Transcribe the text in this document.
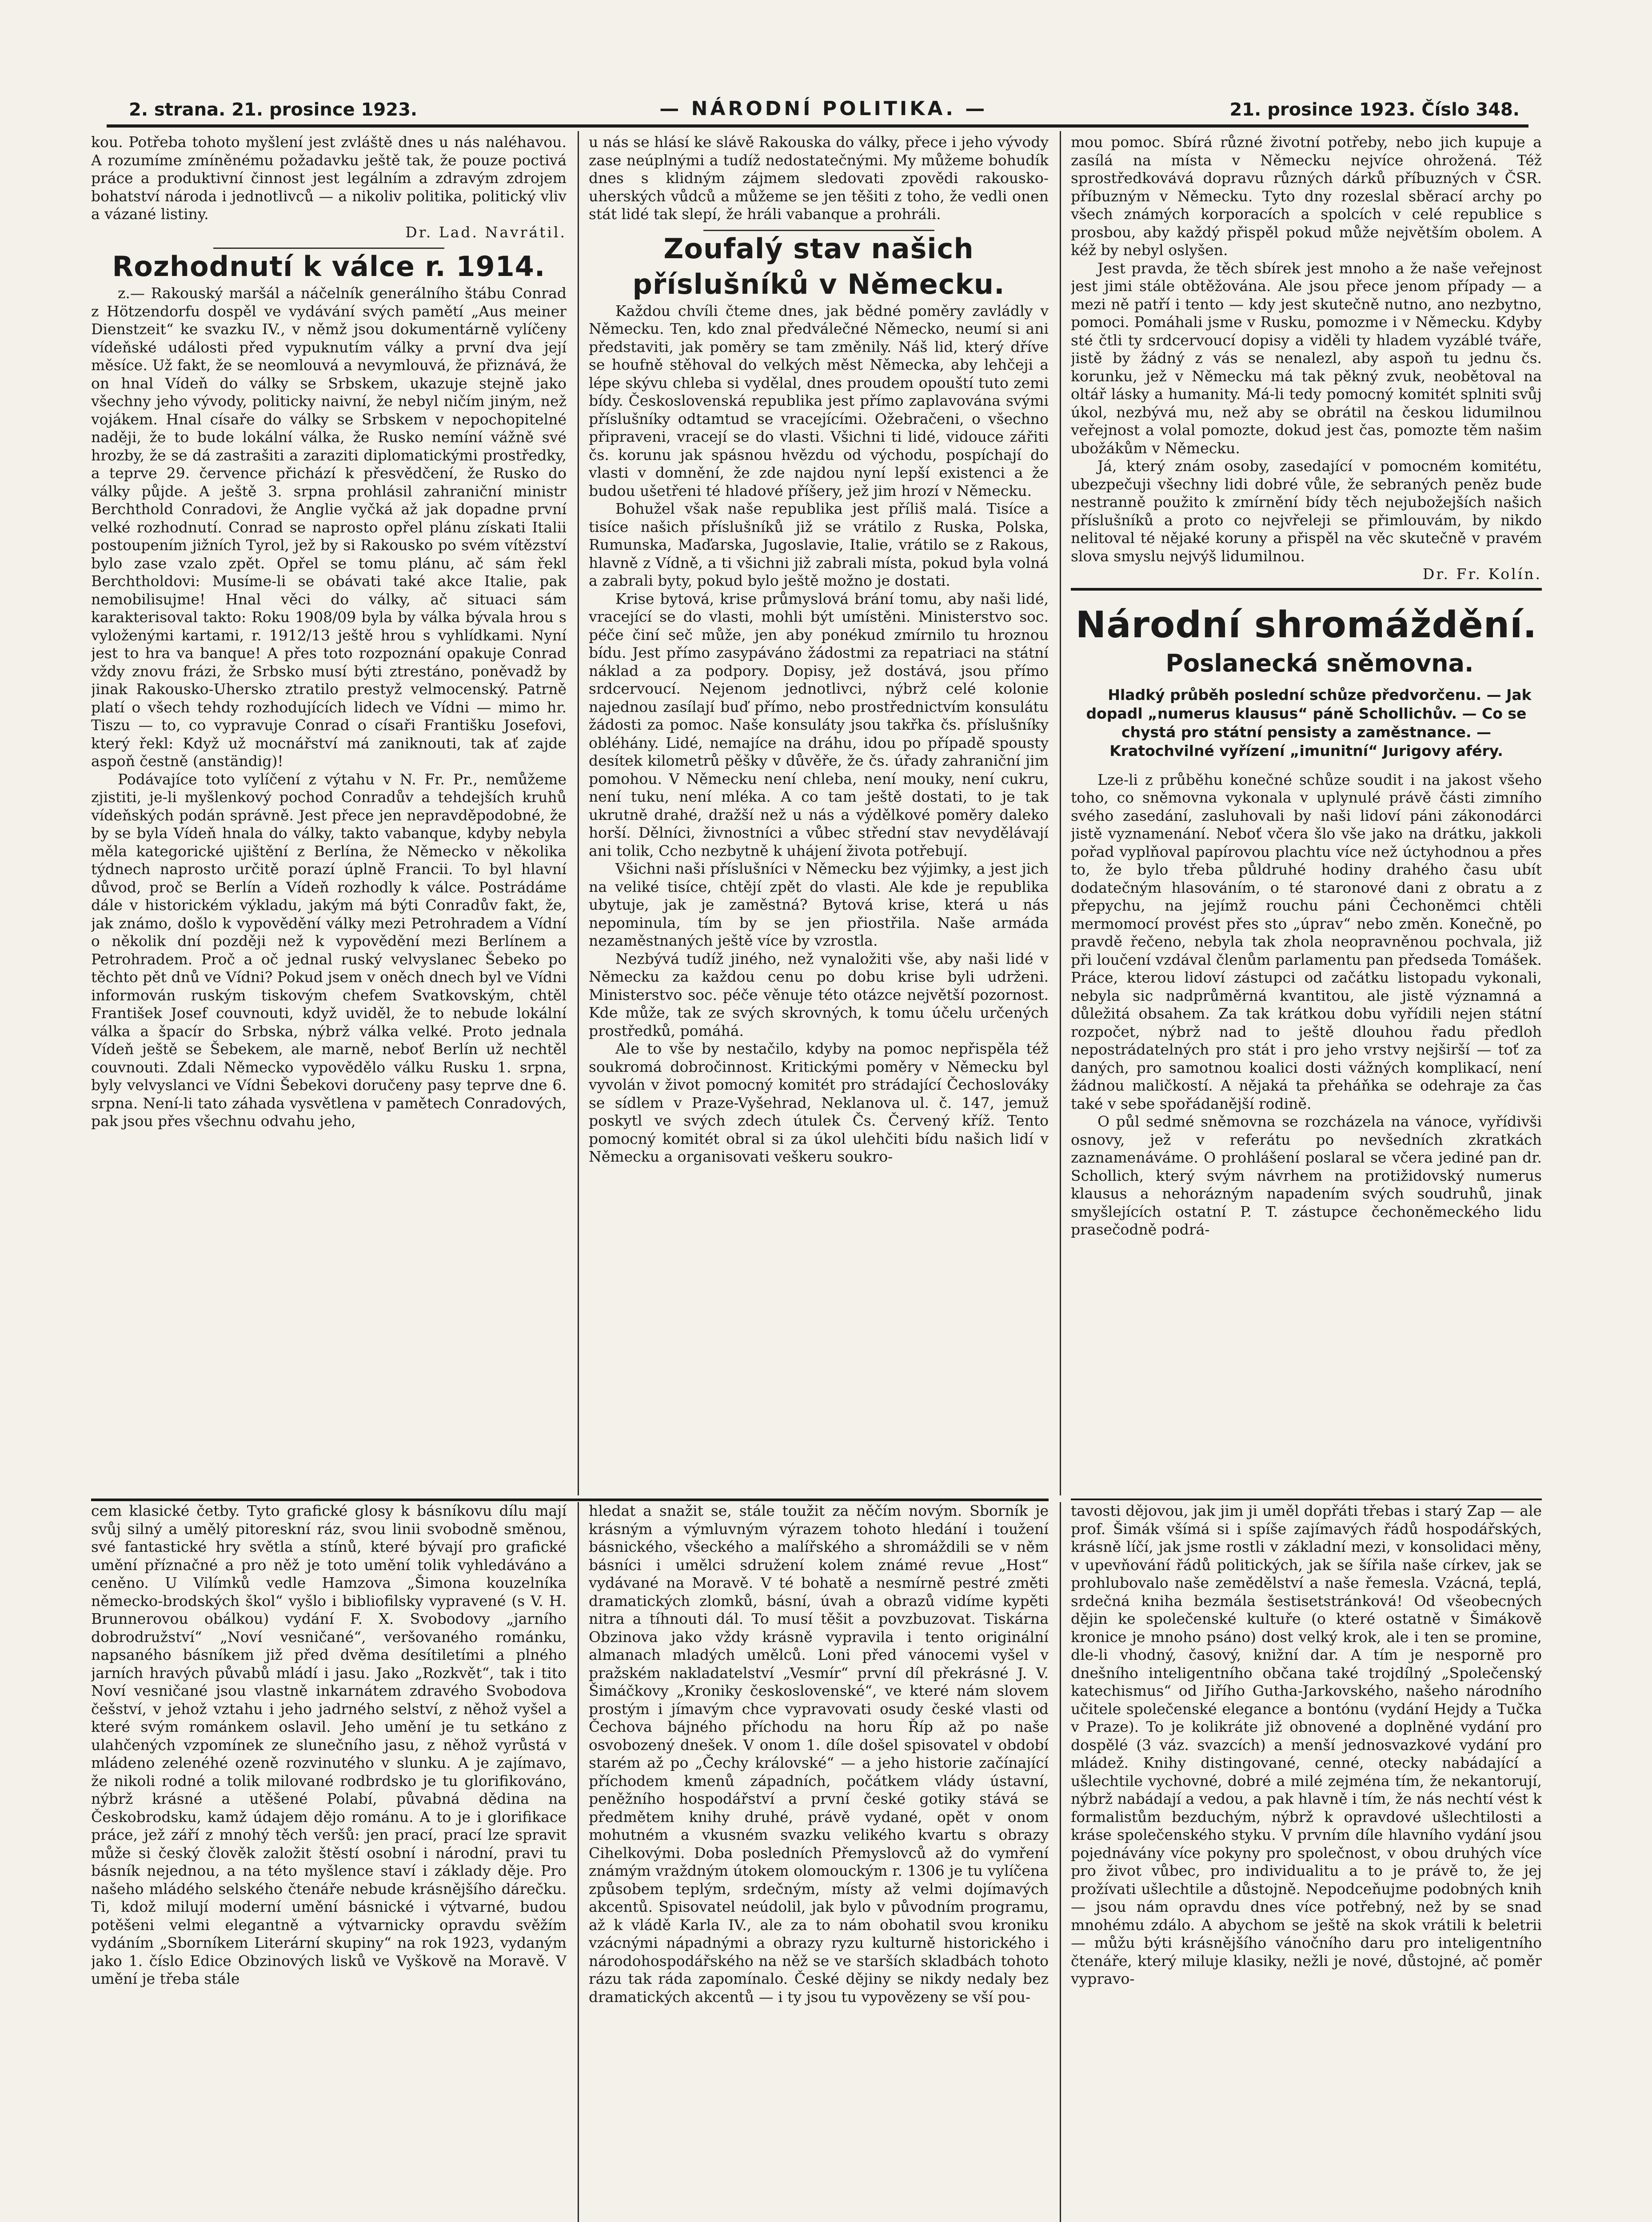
2. strana. 21. prosince 1923.	— NÁRODNÍ POLITIKA. —	21. prosince 1923. Číslo 348.

kou. Potřeba tohoto myšlení jest zvláště dnes u nás naléhavou. A rozumíme zmíněnému požadavku ještě tak, že pouze poctivá práce a produktivní činnost jest legálním a zdravým zdrojem bohatství národa i jednotlivců — a nikoliv politika, politický vliv a vázané listiny.

Dr. Lad. Navrátil.

Rozhodnutí k válce r. 1914.

z.— Rakouský maršál a náčelník generálního štábu Conrad z Hötzendorfu dospěl ve vydávání svých pamětí „Aus meiner Dienstzeit“ ke svazku IV., v němž jsou dokumentárně vylíčeny vídeňské události před vypuknutím války a první dva její měsíce. Už fakt, že se neomlouvá a nevymlouvá, že přiznává, že on hnal Vídeň do války se Srbskem, ukazuje stejně jako všechny jeho vývody, politicky naivní, že nebyl ničím jiným, než vojákem. Hnal císaře do války se Srbskem v nepochopitelné naději, že to bude lokální válka, že Rusko nemíní vážně své hrozby, že se dá zastrašiti a zaraziti diplomatickými prostředky, a teprve 29. července přichází k přesvědčení, že Rusko do války půjde. A ještě 3. srpna prohlásil zahraniční ministr Berchthold Conradovi, že Anglie vyčká až jak dopadne první velké rozhodnutí. Conrad se naprosto opřel plánu získati Italii postoupením jižních Tyrol, jež by si Rakousko po svém vítězství bylo zase vzalo zpět. Opřel se tomu plánu, ač sám řekl Berchtholdovi: Musíme-li se obávati také akce Italie, pak nemobilisujme! Hnal věci do války, ač situaci sám karakterisoval takto: Roku 1908/09 byla by válka bývala hrou s vyloženými kartami, r. 1912/13 ještě hrou s vyhlídkami. Nyní jest to hra va banque! A přes toto rozpoznání opakuje Conrad vždy znovu frázi, že Srbsko musí býti ztrestáno, poněvadž by jinak Rakousko-Uhersko ztratilo prestyž velmocenský. Patrně platí o všech tehdy rozhodujících lidech ve Vídni — mimo hr. Tiszu — to, co vypravuje Conrad o císaři Františku Josefovi, který řekl: Když už mocnářství má zaniknouti, tak ať zajde aspoň čestně (anständig)!

Podávajíce toto vylíčení z výtahu v N. Fr. Pr., nemůžeme zjistiti, je-li myšlenkový pochod Conradův a tehdejších kruhů vídeňských podán správně. Jest přece jen nepravděpodobné, že by se byla Vídeň hnala do války, takto vabanque, kdyby nebyla měla kategorické ujištění z Berlína, že Německo v několika týdnech naprosto určitě porazí úplně Francii. To byl hlavní důvod, proč se Berlín a Vídeň rozhodly k válce. Postrádáme dále v historickém výkladu, jakým má býti Conradův fakt, že, jak známo, došlo k vypovědění války mezi Petrohradem a Vídní o několik dní později než k vypovědění mezi Berlínem a Petrohradem. Proč a oč jednal ruský velvyslanec Šebeko po těchto pět dnů ve Vídni? Pokud jsem v oněch dnech byl ve Vídni informován ruským tiskovým chefem Svatkovským, chtěl František Josef couvnouti, když uviděl, že to nebude lokální válka a špacír do Srbska, nýbrž válka velké. Proto jednala Vídeň ještě se Šebekem, ale marně, neboť Berlín už nechtěl couvnouti. Zdali Německo vypovědělo válku Rusku 1. srpna, byly velvyslanci ve Vídni Šebekovi doručeny pasy teprve dne 6. srpna. Není-li tato záhada vysvětlena v pamětech Conradových, pak jsou přes všechnu odvahu jeho,

u nás se hlásí ke slávě Rakouska do války, přece i jeho vývody zase neúplnými a tudíž nedostatečnými. My můžeme bohudík dnes s klidným zájmem sledovati zpovědi rakousko-uherských vůdců a můžeme se jen těšiti z toho, že vedli onen stát lidé tak slepí, že hráli vabanque a prohráli.

Zoufalý stav našich příslušníků v Německu.

Každou chvíli čteme dnes, jak bědné poměry zavládly v Německu. Ten, kdo znal předválečné Německo, neumí si ani představiti, jak poměry se tam změnily. Náš lid, který dříve se houfně stěhoval do velkých měst Německa, aby lehčeji a lépe skývu chleba si vydělal, dnes proudem opouští tuto zemi bídy. Československá republika jest přímo zaplavována svými příslušníky odtamtud se vracejícími. Ožebračeni, o všechno připraveni, vracejí se do vlasti. Všichni ti lidé, vidouce zářiti čs. korunu jak spásnou hvězdu od východu, pospíchají do vlasti v domnění, že zde najdou nyní lepší existenci a že budou ušetřeni té hladové příšery, jež jim hrozí v Německu.

Bohužel však naše republika jest příliš malá. Tisíce a tisíce našich příslušníků již se vrátilo z Ruska, Polska, Rumunska, Maďarska, Jugoslavie, Italie, vrátilo se z Rakous, hlavně z Vídně, a ti všichni již zabrali místa, pokud byla volná a zabrali byty, pokud bylo ještě možno je dostati.

Krise bytová, krise průmyslová brání tomu, aby naši lidé, vracející se do vlasti, mohli být umístěni. Ministerstvo soc. péče činí seč může, jen aby ponékud zmírnilo tu hroznou bídu. Jest přímo zasypáváno žádostmi za repatriaci na státní náklad a za podpory. Dopisy, jež dostává, jsou přímo srdcervoucí. Nejenom jednotlivci, nýbrž celé kolonie najednou zasílají buď přímo, nebo prostřednictvím konsulátu žádosti za pomoc. Naše konsuláty jsou takřka čs. příslušníky obléhány. Lidé, nemajíce na dráhu, idou po případě spousty desítek kilometrů pěšky v důvěře, že čs. úřady zahraniční jim pomohou. V Německu není chleba, není mouky, není cukru, není tuku, není mléka. A co tam ještě dostati, to je tak ukrutně drahé, dražší než u nás a výdělkové poměry daleko horší. Dělníci, živnostníci a vůbec střední stav nevydělávají ani tolik, Ccho nezbytně k uhájení života potřebují.

Všichni naši příslušníci v Německu bez výjimky, a jest jich na veliké tisíce, chtějí zpět do vlasti. Ale kde je republika ubytuje, jak je zaměstná? Bytová krise, která u nás nepominula, tím by se jen přiostřila. Naše armáda nezaměstnaných ještě více by vzrostla.

Nezbývá tudíž jiného, než vynaložiti vše, aby naši lidé v Německu za každou cenu po dobu krise byli udrženi. Ministerstvo soc. péče věnuje této otázce největší pozornost. Kde může, tak ze svých skrovných, k tomu účelu určených prostředků, pomáhá.

Ale to vše by nestačilo, kdyby na pomoc nepřispěla též soukromá dobročinnost. Kritickými poměry v Německu byl vyvolán v život pomocný komitét pro strádající Čechoslováky se sídlem v Praze-Vyšehrad, Neklanova ul. č. 147, jemuž poskytl ve svých zdech útulek Čs. Červený kříž. Tento pomocný komitét obral si za úkol ulehčiti bídu našich lidí v Německu a organisovati veškeru soukro-

mou pomoc. Sbírá různé životní potřeby, nebo jich kupuje a zasílá na místa v Německu nejvíce ohrožená. Též sprostředkovává dopravu různých dárků příbuzných v ČSR. příbuzným v Německu. Tyto dny rozeslal sběrací archy po všech známých korporacích a spolcích v celé republice s prosbou, aby každý přispěl pokud může největším obolem. A kéž by nebyl oslyšen.

Jest pravda, že těch sbírek jest mnoho a že naše veřejnost jest jimi stále obtěžována. Ale jsou přece jenom případy — a mezi ně patří i tento — kdy jest skutečně nutno, ano nezbytno, pomoci. Pomáhali jsme v Rusku, pomozme i v Německu. Kdyby sté čtli ty srdcervoucí dopisy a viděli ty hladem vyzáblé tváře, jistě by žádný z vás se nenalezl, aby aspoň tu jednu čs. korunku, jež v Německu má tak pěkný zvuk, neobětoval na oltář lásky a humanity. Má-li tedy pomocný komitét splniti svůj úkol, nezbývá mu, než aby se obrátil na českou lidumilnou veřejnost a volal pomozte, dokud jest čas, pomozte těm našim ubožákům v Německu.

Já, který znám osoby, zasedající v pomocném komitétu, ubezpečuji všechny lidi dobré vůle, že sebraných peněz bude nestranně použito k zmírnění bídy těch nejubožejších našich příslušníků a proto co nejvřeleji se přimlouvám, by nikdo nelitoval té nějaké koruny a přispěl na věc skutečně v pravém slova smyslu nejvýš lidumilnou.

Dr. Fr. Kolín.

Národní shromáždění.

Poslanecká sněmovna.

Hladký průběh poslední schůze předvorčenu. — Jak dopadl „numerus klausus“ páně Schollichův. — Co se chystá pro státní pensisty a zaměstnance. — Kratochvilné vyřízení „imunitní“ Jurigovy aféry.

Lze-li z průběhu konečné schůze soudit i na jakost všeho toho, co sněmovna vykonala v uplynulé právě části zimního svého zasedání, zasluhovali by naši lidoví páni zákonodárci jistě vyznamenání. Neboť včera šlo vše jako na drátku, jakkoli pořad vyplňoval papírovou plachtu více než úctyhodnou a přes to, že bylo třeba půldruhé hodiny drahého času ubít dodatečným hlasováním, o té staronové dani z obratu a z přepychu, na jejímž rouchu páni Čechoněmci chtěli mermomocí provést přes sto „úprav“ nebo změn. Konečně, po pravdě řečeno, nebyla tak zhola neopravněnou pochvala, již při loučení vzdával členům parlamentu pan předseda Tomášek. Práce, kterou lidoví zástupci od začátku listopadu vykonali, nebyla sic nadprůměrná kvantitou, ale jistě významná a důležitá obsahem. Za tak krátkou dobu vyřídili nejen státní rozpočet, nýbrž nad to ještě dlouhou řadu předloh nepostrádatelných pro stát i pro jeho vrstvy nejširší — toť za daných, pro samotnou koalici dosti vážných komplikací, není žádnou maličkostí. A nějaká ta přeháňka se odehraje za čas také v sebe spořádanější rodině.

O půl sedmé sněmovna se rozcházela na vánoce, vyřídivši osnovy, jež v referátu po nevšedních zkratkách zaznamenáváme. O prohlášení poslaral se včera jediné pan dr. Schollich, který svým návrhem na protižidovský numerus klausus a nehorázným napadením svých soudruhů, jinak smyšlejících ostatní P. T. zástupce čechoněmeckého lidu prasečodně podrá-

cem klasické četby. Tyto grafické glosy k básníkovu dílu mají svůj silný a umělý pitoreskní ráz, svou linii svobodně směnou, své fantastické hry světla a stínů, které bývají pro grafické umění příznačné a pro něž je toto umění tolik vyhledáváno a ceněno. U Vilímků vedle Hamzova „Šimona kouzelníka německo-brodských škol“ vyšlo i bibliofilsky vypravené (s V. H. Brunnerovou obálkou) vydání F. X. Svobodovy „jarního dobrodružství“ „Noví vesničané“, veršovaného románku, napsaného básníkem již před dvěma desítiletími a plného jarních hravých půvabů mládí i jasu. Jako „Rozkvět“, tak i tito Noví vesničané jsou vlastně inkarnátem zdravého Svobodova češství, v jehož vztahu i jeho jadrného selství, z něhož vyšel a které svým románkem oslavil. Jeho umění je tu setkáno z ulahčených vzpomínek ze slunečního jasu, z něhož vyrůstá v mládeno zelenéhé ozeně rozvinutého v slunku. A je zajímavo, že nikoli rodné a tolik milované rodbrdsko je tu glorifikováno, nýbrž krásné a utěšené Polabí, půvabná dědina na Českobrodsku, kamž údajem dějo románu. A to je i glorifikace práce, jež září z mnohý těch veršů: jen prací, prací lze spravit může si český člověk založit štěstí osobní i národní, pravi tu básník nejednou, a na této myšlence staví i základy děje. Pro našeho mládého selského čtenáře nebude krásnějšího dárečku. Ti, kdož milují moderní umění básnické i výtvarné, budou potěšeni velmi elegantně a výtvarnicky opravdu svěžím vydáním „Sborníkem Literární skupiny“ na rok 1923, vydaným jako 1. číslo Edice Obzinových lisků ve Vyškově na Moravě. V umění je třeba stále

hledat a snažit se, stále toužit za něčím novým. Sborník je krásným a výmluvným výrazem tohoto hledání i toužení básnického, všeckého a malířského a shromáždili se v něm básníci i umělci sdružení kolem známé revue „Host“ vydávané na Moravě. V té bohatě a nesmírně pestré změti dramatických zlomků, básní, úvah a obrazů vidíme kypěti nitra a tíhnouti dál. To musí těšit a povzbuzovat. Tiskárna Obzinova jako vždy krásně vypravila i tento originální almanach mladých umělců. Loni před vánocemi vyšel v pražském nakladatelství „Vesmír“ první díl překrásné J. V. Šimáčkovy „Kroniky československé“, ve které nám slovem prostým i jímavým chce vypravovati osudy české vlasti od Čechova bájného příchodu na horu Říp až po naše osvobozený dnešek. V onom 1. díle došel spisovatel v období starém až po „Čechy královské“ — a jeho historie začínající příchodem kmenů západních, počátkem vlády ústavní, peněžního hospodářství a první české gotiky stává se předmětem knihy druhé, právě vydané, opět v onom mohutném a vkusném svazku velikého kvartu s obrazy Cihelkovými. Doba posledních Přemyslovců až do vymření známým vraždným útokem olomouckým r. 1306 je tu vylíčena způsobem teplým, srdečným, místy až velmi dojímavých akcentů. Spisovatel neúdolil, jak bylo v původním programu, až k vládě Karla IV., ale za to nám obohatil svou kroniku vzácnými nápadnými a obrazy ryzu kulturně historického i národohospodářského na něž se ve starších skladbách tohoto rázu tak ráda zapomínalo. České dějiny se nikdy nedaly bez dramatických akcentů — i ty jsou tu vypovězeny se vší pou-

tavosti dějovou, jak jim ji uměl dopřáti třebas i starý Zap — ale prof. Šimák všímá si i spíše zajímavých řádů hospodářských, krásně líčí, jak jsme rostli v základní mezi, v konsolidaci měny, v upevňování řádů politických, jak se šířila naše církev, jak se prohlubovalo naše zemědělství a naše řemesla. Vzácná, teplá, srdečná kniha bezmála šestisetstránková! Od všeobecných dějin ke společenské kultuře (o které ostatně v Šimákově kronice je mnoho psáno) dost velký krok, ale i ten se promine, dle-li vhodný, časový, knižní dar. A tím je nesporně pro dnešního inteligentního občana také trojdílný „Společenský katechismus“ od Jiřího Gutha-Jarkovského, našeho národního učitele společenské elegance a bontónu (vydání Hejdy a Tučka v Praze). To je kolikráte již obnovené a doplněné vydání pro dospělé (3 váz. svazcích) a menší jednosvazkové vydání pro mládež. Knihy distingované, cenné, otecky nabádající a ušlechtile vychovné, dobré a milé zejména tím, že nekantorují, nýbrž nabádají a vedou, a pak hlavně i tím, že nás nechtí vést k formalistům bezduchým, nýbrž k opravdové ušlechtilosti a kráse společenského styku. V prvním díle hlavního vydání jsou pojednávány více pokyny pro společnost, v obou druhých více pro život vůbec, pro individualitu a to je právě to, že jej prožívati ušlechtile a důstojně. Nepodceňujme podobných knih — jsou nám opravdu dnes více potřebný, než by se snad mnohému zdálo. A abychom se ještě na skok vrátili k beletrii — můžu býti krásnějšího vánočního daru pro inteligentního čtenáře, který miluje klasiky, nežli je nové, důstojné, ač poměr vypravo-
